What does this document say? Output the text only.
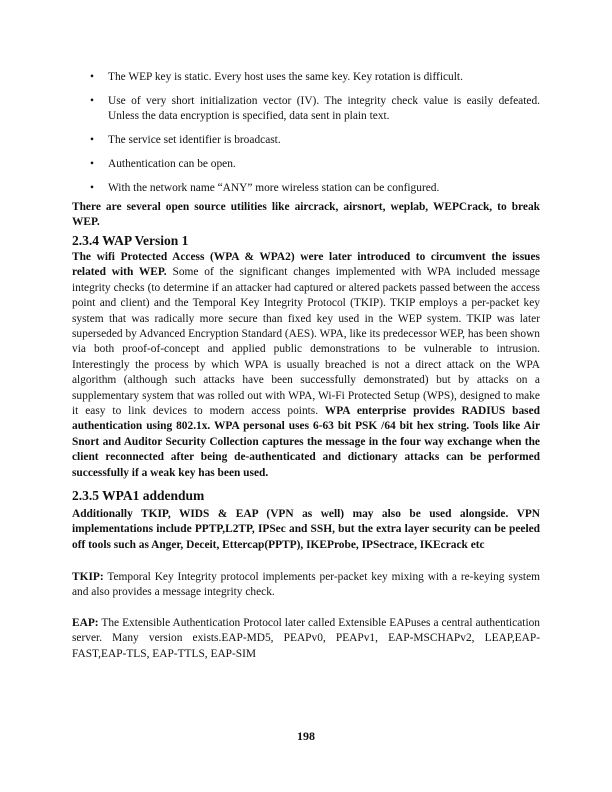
• The WEP key is static. Every host uses the same key. Key rotation is difficult.
• Use of very short initialization vector (IV). The integrity check value is easily defeated. Unless the data encryption is specified, data sent in plain text.
• The service set identifier is broadcast.
• Authentication can be open.
• With the network name “ANY” more wireless station can be configured.

There are several open source utilities like aircrack, airsnort, weplab, WEPCrack, to break WEP.

2.3.4 WAP Version 1

The wifi Protected Access (WPA & WPA2) were later introduced to circumvent the issues related with WEP. Some of the significant changes implemented with WPA included message integrity checks (to determine if an attacker had captured or altered packets passed between the access point and client) and the Temporal Key Integrity Protocol (TKIP). TKIP employs a per-packet key system that was radically more secure than fixed key used in the WEP system. TKIP was later superseded by Advanced Encryption Standard (AES). WPA, like its predecessor WEP, has been shown via both proof-of-concept and applied public demonstrations to be vulnerable to intrusion. Interestingly the process by which WPA is usually breached is not a direct attack on the WPA algorithm (although such attacks have been successfully demonstrated) but by attacks on a supplementary system that was rolled out with WPA, Wi-Fi Protected Setup (WPS), designed to make it easy to link devices to modern access points. WPA enterprise provides RADIUS based authentication using 802.1x. WPA personal uses 6-63 bit PSK /64 bit hex string. Tools like Air Snort and Auditor Security Collection captures the message in the four way exchange when the client reconnected after being de-authenticated and dictionary attacks can be performed successfully if a weak key has been used.

2.3.5 WPA1 addendum

Additionally TKIP, WIDS & EAP (VPN as well) may also be used alongside. VPN implementations include PPTP,L2TP, IPSec and SSH, but the extra layer security can be peeled off tools such as Anger, Deceit, Ettercap(PPTP), IKEProbe, IPSectrace, IKEcrack etc

TKIP: Temporal Key Integrity protocol implements per-packet key mixing with a re-keying system and also provides a message integrity check.

EAP: The Extensible Authentication Protocol later called Extensible EAPuses a central authentication server. Many version exists.EAP-MD5, PEAPv0, PEAPv1, EAP-MSCHAPv2, LEAP,EAP-FAST,EAP-TLS, EAP-TTLS, EAP-SIM

198
